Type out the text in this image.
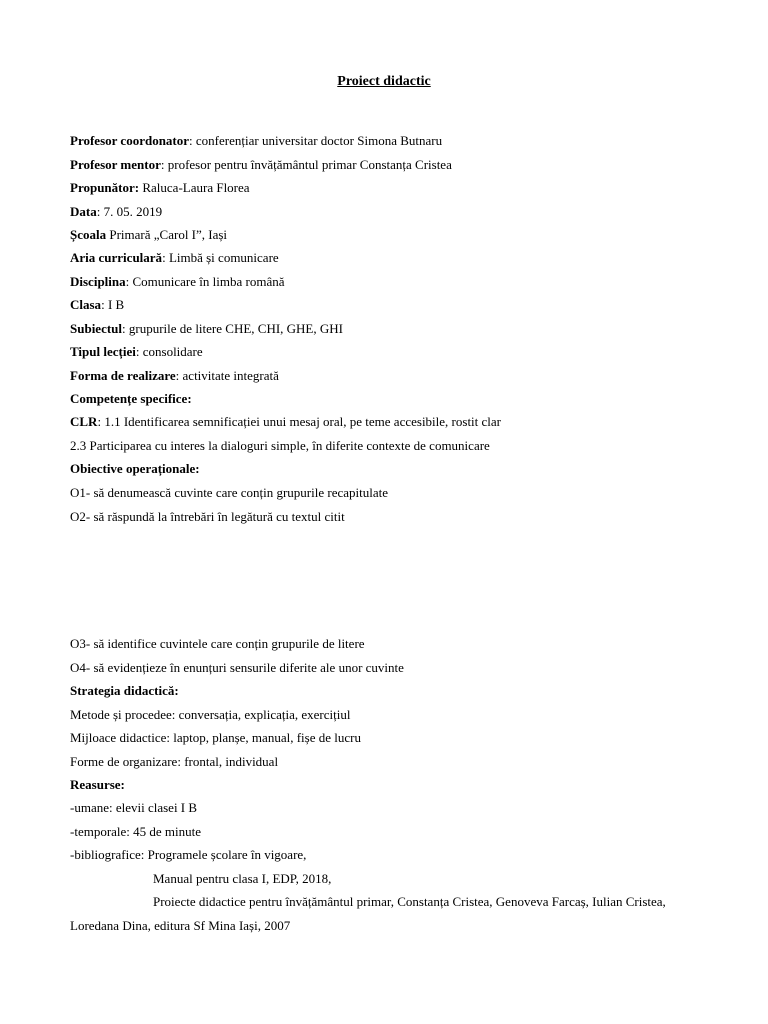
Proiect didactic
Profesor coordonator: conferențiar universitar doctor Simona Butnaru
Profesor mentor: profesor pentru învățământul primar Constanța Cristea
Propunător: Raluca-Laura Florea
Data: 7. 05. 2019
Școala Primară „Carol I”, Iași
Aria curriculară: Limbă și comunicare
Disciplina: Comunicare în limba română
Clasa: I B
Subiectul: grupurile de litere CHE, CHI, GHE, GHI
Tipul lecției: consolidare
Forma de realizare: activitate integrată
Competențe specifice:
CLR: 1.1 Identificarea semnificației unui mesaj oral, pe teme accesibile, rostit clar
2.3 Participarea cu interes la dialoguri simple, în diferite contexte de comunicare
Obiective operaționale:
O1- să denumească cuvinte care conțin grupurile recapitulate
O2- să răspundă la întrebări în legătură cu textul citit
O3- să identifice cuvintele care conțin grupurile de litere
O4- să evidențieze în enunțuri sensurile diferite ale unor cuvinte
Strategia didactică:
Metode și procedee: conversația, explicația, exercițiul
Mijloace didactice: laptop, planșe, manual, fișe de lucru
Forme de organizare: frontal, individual
Reasurse:
-umane: elevii clasei I B
-temporale: 45 de minute
-bibliografice: Programele școlare în vigoare,
Manual pentru clasa I, EDP, 2018,
Proiecte didactice pentru învățământul primar, Constanța Cristea, Genoveva Farcaș, Iulian Cristea,
Loredana Dina, editura Sf Mina Iași, 2007
